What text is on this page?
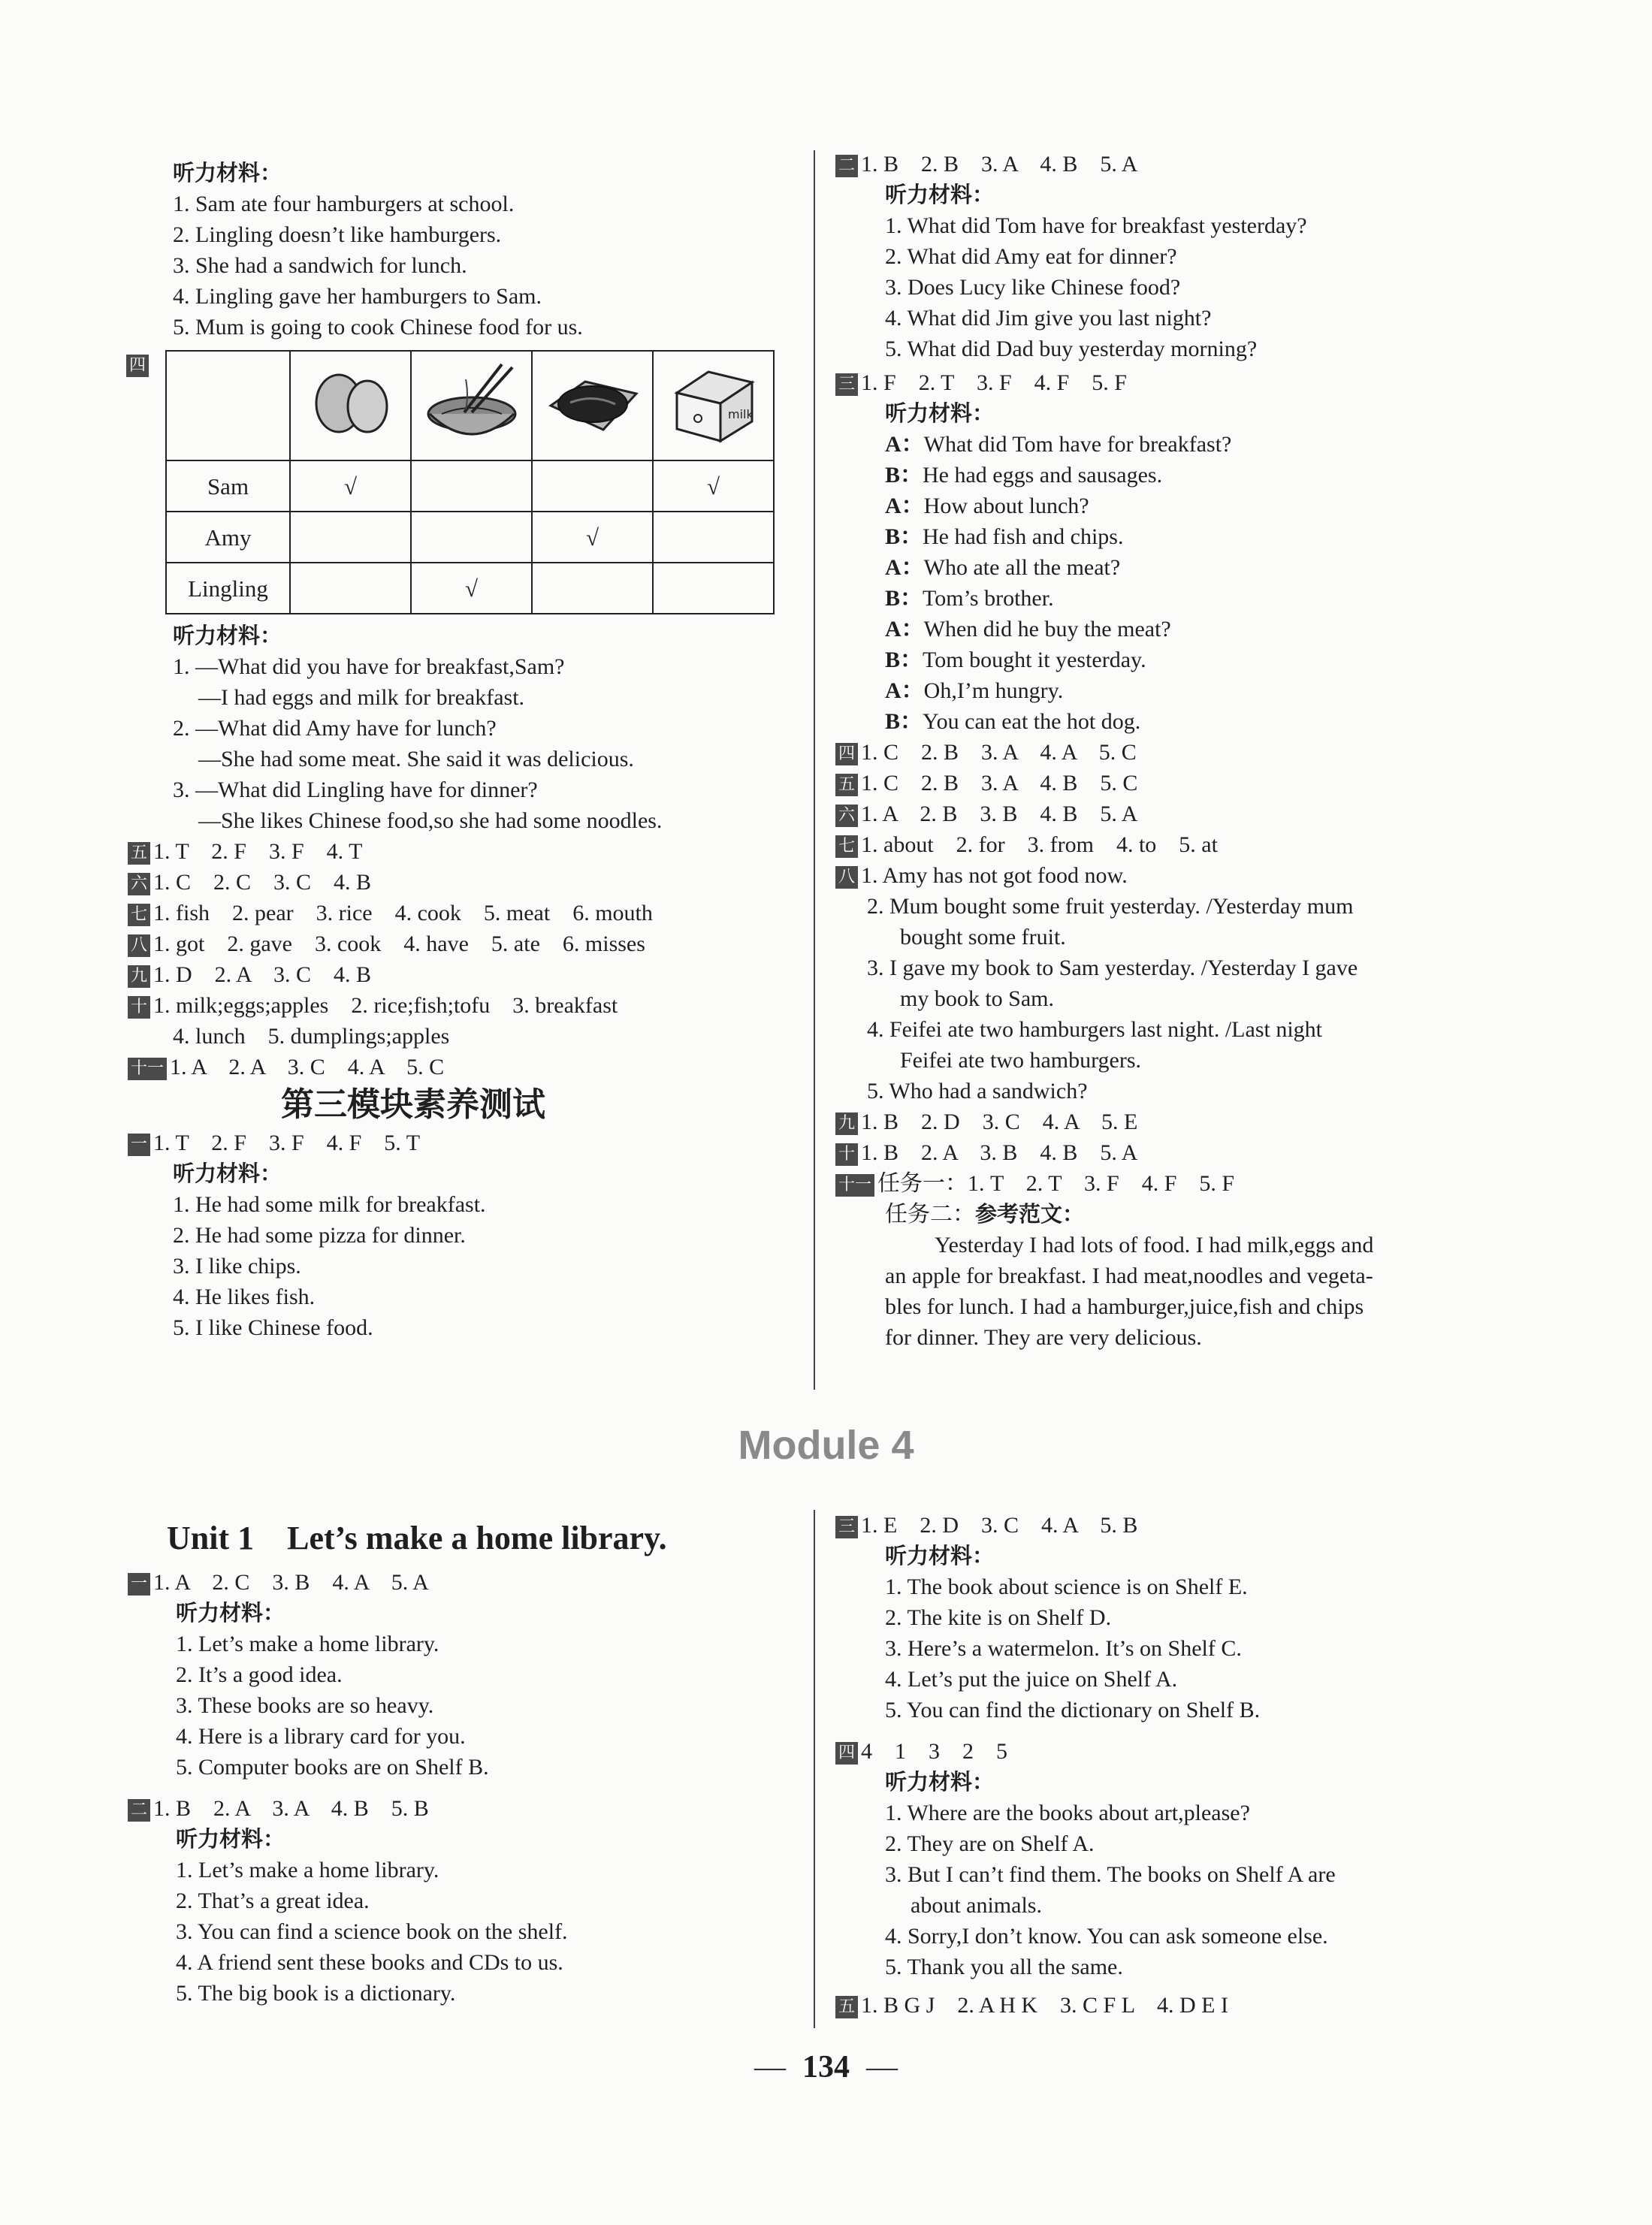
听力材料：
1. Sam ate four hamburgers at school.
2. Lingling doesn’t like hamburgers.
3. She had a sandwich for lunch.
4. Lingling gave her hamburgers to Sam.
5. Mum is going to cook Chinese food for us.
四

milk

Sam	√			√
Amy			√	
Lingling		√		
听力材料：
1. —What did you have for breakfast,Sam?
—I had eggs and milk for breakfast.
2. —What did Amy have for lunch?
—She had some meat. She said it was delicious.
3. —What did Lingling have for dinner?
—She likes Chinese food,so she had some noodles.
五 1. T　2. F　3. F　4. T
六 1. C　2. C　3. C　4. B
七 1. fish　2. pear　3. rice　4. cook　5. meat　6. mouth
八 1. got　2. gave　3. cook　4. have　5. ate　6. misses
九 1. D　2. A　3. C　4. B
十 1. milk;eggs;apples　2. rice;fish;tofu　3. breakfast
4. lunch　5. dumplings;apples
十一 1. A　2. A　3. C　4. A　5. C
第三模块素养测试
一 1. T　2. F　3. F　4. F　5. T
听力材料：
1. He had some milk for breakfast.
2. He had some pizza for dinner.
3. I like chips.
4. He likes fish.
5. I like Chinese food.
二 1. B　2. B　3. A　4. B　5. A
听力材料：
1. What did Tom have for breakfast yesterday?
2. What did Amy eat for dinner?
3. Does Lucy like Chinese food?
4. What did Jim give you last night?
5. What did Dad buy yesterday morning?
三 1. F　2. T　3. F　4. F　5. F
听力材料：
A：What did Tom have for breakfast?
B：He had eggs and sausages.
A：How about lunch?
B：He had fish and chips.
A：Who ate all the meat?
B：Tom’s brother.
A：When did he buy the meat?
B：Tom bought it yesterday.
A：Oh,I’m hungry.
B：You can eat the hot dog.
四 1. C　2. B　3. A　4. A　5. C
五 1. C　2. B　3. A　4. B　5. C
六 1. A　2. B　3. B　4. B　5. A
七 1. about　2. for　3. from　4. to　5. at
八 1. Amy has not got food now.
2. Mum bought some fruit yesterday. /Yesterday mum
bought some fruit.
3. I gave my book to Sam yesterday. /Yesterday I gave
my book to Sam.
4. Feifei ate two hamburgers last night. /Last night
Feifei ate two hamburgers.
5. Who had a sandwich?
九 1. B　2. D　3. C　4. A　5. E
十 1. B　2. A　3. B　4. B　5. A
十一 任务一：1. T　2. T　3. F　4. F　5. F
任务二：参考范文：
Yesterday I had lots of food. I had milk,eggs and
an apple for breakfast. I had meat,noodles and vegeta-
bles for lunch. I had a hamburger,juice,fish and chips
for dinner. They are very delicious.
Module 4
Unit 1　Let’s make a home library.
一 1. A　2. C　3. B　4. A　5. A
听力材料：
1. Let’s make a home library.
2. It’s a good idea.
3. These books are so heavy.
4. Here is a library card for you.
5. Computer books are on Shelf B.
二 1. B　2. A　3. A　4. B　5. B
听力材料：
1. Let’s make a home library.
2. That’s a great idea.
3. You can find a science book on the shelf.
4. A friend sent these books and CDs to us.
5. The big book is a dictionary.
三 1. E　2. D　3. C　4. A　5. B
听力材料：
1. The book about science is on Shelf E.
2. The kite is on Shelf D.
3. Here’s a watermelon. It’s on Shelf C.
4. Let’s put the juice on Shelf A.
5. You can find the dictionary on Shelf B.
四 4　1　3　2　5
听力材料：
1. Where are the books about art,please?
2. They are on Shelf A.
3. But I can’t find them. The books on Shelf A are
about animals.
4. Sorry,I don’t know. You can ask someone else.
5. Thank you all the same.
五 1. B G J　2. A H K　3. C F L　4. D E I
— 134 —
